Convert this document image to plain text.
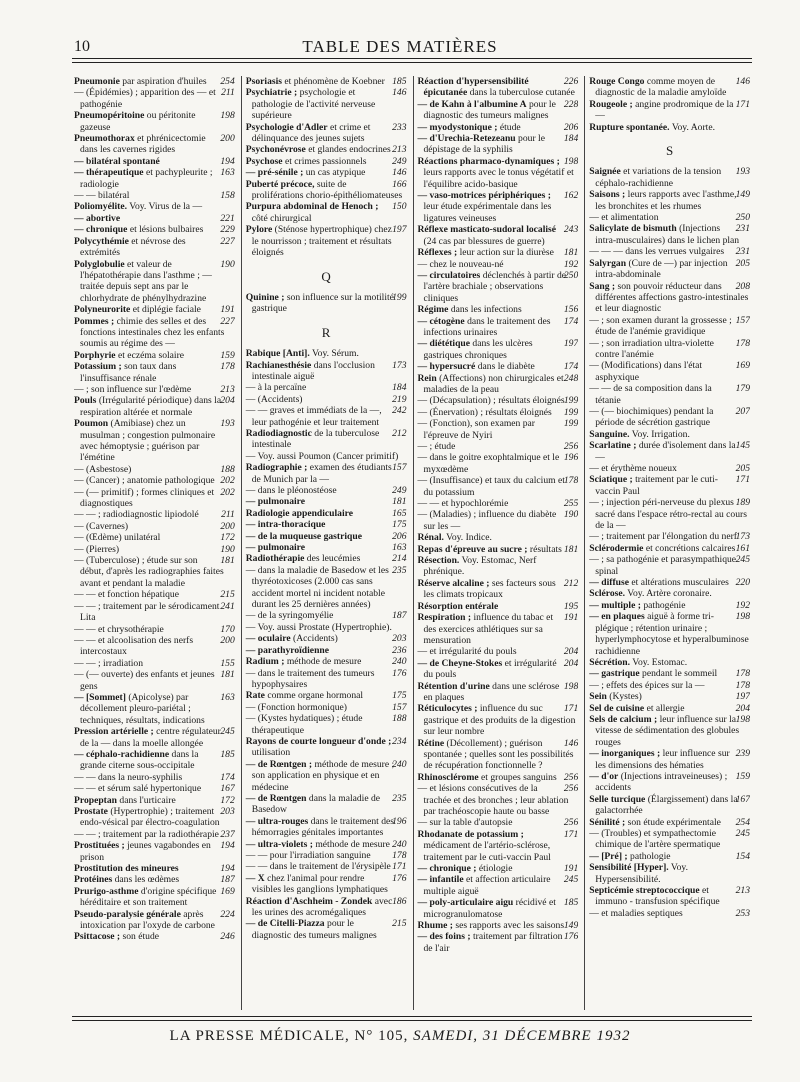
10	TABLE DES MATIÈRES

254
Pneumonie par aspiration d'huiles

211
— (Épidémies) ; apparition des — et pathogénie

198
Pneumopéritoine ou péritonite gazeuse

200
Pneumothorax et phrénicectomie dans les cavernes rigides

194
— bilatéral spontané

163
— thérapeutique et pachypleurite ; radiologie

158
— — bilatéral

Poliomyélite. Voy. Virus de la —

221
— abortive

229
— chronique et lésions bulbaires

227
Polycythémie et névrose des extrémités

190
Polyglobulie et valeur de l'hépatothérapie dans l'asthme ; — traitée depuis sept ans par le chlorhydrate de phénylhydrazine

191
Polyneurorite et diplégie faciale

227
Pommes ; chimie des selles et des fonctions intestinales chez les enfants soumis au régime des —

159
Porphyrie et eczéma solaire

178
Potassium ; son taux dans l'insuffisance rénale

213
— ; son influence sur l'œdème

204
Pouls (Irrégularité périodique) dans la respiration altérée et normale

193
Poumon (Amibiase) chez un musulman ; congestion pulmonaire avec hémoptysie ; guérison par l'émétine

188
— (Asbestose)

202
— (Cancer) ; anatomie pathologique

202
— (— primitif) ; formes cliniques et diagnostiques

211
— — ; radiodiagnostic lipiodolé

200
— (Cavernes)

172
— (Œdème) unilatéral

190
— (Pierres)

181
— (Tuberculose) ; étude sur son début, d'après les radiographies faites avant et pendant la maladie

215
— — et fonction hépatique

241
— — ; traitement par le sérodicament Lita

170
— — et chrysothérapie

200
— — et alcoolisation des nerfs intercostaux

155
— — ; irradiation

181
— (— ouverte) des enfants et jeunes gens

163
— [Sommet] (Apicolyse) par décollement pleuro-pariétal ; techniques, résultats, indications

245
Pression artérielle ; centre régulateur de la — dans la moelle allongée

185
— céphalo-rachidienne dans la grande citerne sous-occipitale

174
— — dans la neuro-syphilis

167
— — et sérum salé hypertonique

172
Propeptan dans l'urticaire

203
Prostate (Hypertrophie) ; traitement endo-vésical par électro-coagulation

237
— — ; traitement par la radiothérapie

194
Prostituées ; jeunes vagabondes en prison

194
Prostitution des mineures

187
Protéines dans les œdèmes

169
Prurigo-asthme d'origine spécifique héréditaire et son traitement

224
Pseudo-paralysie générale après intoxication par l'oxyde de carbone

246
Psittacose ; son étude

185
Psoriasis et phénomène de Koebner

146
Psychiatrie ; psychologie et pathologie de l'activité nerveuse supérieure

233
Psychologie d'Adler et crime et délinquance des jeunes sujets

213
Psychonévrose et glandes endocrines

249
Psychose et crimes passionnels

146
— pré-sénile ; un cas atypique

166
Puberté précoce, suite de proliférations chorio-épithéliomateuses

150
Purpura abdominal de Henoch ; côté chirurgical

197
Pylore (Sténose hypertrophique) chez le nourrisson ; traitement et résultats éloignés

Q

199
Quinine ; son influence sur la motilité gastrique

R

Rabique [Anti]. Voy. Sérum.

173
Rachianesthésie dans l'occlusion intestinale aiguë

184
— à la percaïne

219
— (Accidents)

242
— — graves et immédiats de la —, leur pathogénie et leur traitement

212
Radiodiagnostic de la tuberculose intestinale

— Voy. aussi Poumon (Cancer primitif)

157
Radiographie ; examen des étudiants de Munich par la —

249
— dans le pléonostéose

181
— pulmonaire

165
Radiologie appendiculaire

175
— intra-thoracique

206
— de la muqueuse gastrique

163
— pulmonaire

214
Radiothérapie des leucémies

235
— dans la maladie de Basedow et les thyréotoxicoses (2.000 cas sans accident mortel ni incident notable durant les 25 dernières années)

187
— de la syringomyélie

— Voy. aussi Prostate (Hypertrophie).

203
— oculaire (Accidents)

236
— parathyroïdienne

240
Radium ; méthode de mesure

176
— dans le traitement des tumeurs hypophysaires

175
Rate comme organe hormonal

157
— (Fonction hormonique)

188
— (Kystes hydatiques) ; étude thérapeutique

234
Rayons de courte longueur d'onde ; utilisation

240
— de Rœntgen ; méthode de mesure ; son application en physique et en médecine

235
— de Rœntgen dans la maladie de Basedow

196
— ultra-rouges dans le traitement des hémorragies génitales importantes

240
— ultra-violets ; méthode de mesure

178
— — pour l'irradiation sanguine

171
— — dans le traitement de l'érysipèle

176
— X chez l'animal pour rendre visibles les ganglions lymphatiques

186
Réaction d'Aschheim - Zondek avec les urines des acromégaliques

215
— de Citelli-Piazza pour le diagnostic des tumeurs malignes

226
Réaction d'hypersensibilité épicutanée dans la tuberculose cutanée

228
— de Kahn à l'albumine A pour le diagnostic des tumeurs malignes

206
— myodystonique ; étude

184
— d'Urechia-Retezeanu pour le dépistage de la syphilis

198
Réactions pharmaco-dynamiques ; leurs rapports avec le tonus végétatif et l'équilibre acido-basique

162
— vaso-motrices périphériques ; leur étude expérimentale dans les ligatures veineuses

243
Réflexe masticato-sudoral localisé (24 cas par blessures de guerre)

181
Réflexes ; leur action sur la diurèse

192
— chez le nouveau-né

250
— circulatoires déclenchés à partir de l'artère brachiale ; observations cliniques

156
Régime dans les infections

174
— cétogène dans le traitement des infections urinaires

197
— diététique dans les ulcères gastriques chroniques

174
— hypersucré dans le diabète

248
Rein (Affections) non chirurgicales et maladies de la peau

199
— (Décapsulation) ; résultats éloignés

199
— (Énervation) ; résultats éloignés

199
— (Fonction), son examen par l'épreuve de Nyiri

256
— ; étude

196
— dans le goitre exophtalmique et le myxœdème

178
— (Insuffisance) et taux du calcium et du potassium

255
— — et hypochlorémie

190
— (Maladies) ; influence du diabète sur les —

Rénal. Voy. Indice.

181
Repas d'épreuve au sucre ; résultats

Résection. Voy. Estomac, Nerf phrénique.

212
Réserve alcaline ; ses facteurs sous les climats tropicaux

195
Résorption entérale

191
Respiration ; influence du tabac et des exercices athlétiques sur sa mensuration

204
— et irrégularité du pouls

204
— de Cheyne-Stokes et irrégularité du pouls

198
Rétention d'urine dans une sclérose en plaques

171
Réticulocytes ; influence du suc gastrique et des produits de la digestion sur leur nombre

146
Rétine (Décollement) ; guérison spontanée ; quelles sont les possibilités de récupération fonctionnelle ?

256
Rhinosclérome et groupes sanguins

256
— et lésions consécutives de la trachée et des bronches ; leur ablation par trachéoscopie haute ou basse

256
— sur la table d'autopsie

171
Rhodanate de potassium ; médicament de l'artério-sclérose, traitement par le cuti-vaccin Paul

191
— chronique ; étiologie

245
— infantile et affection articulaire multiple aiguë

185
— poly-articulaire aigu récidivé et microgranulomatose

149
Rhume ; ses rapports avec les saisons

176
— des foins ; traitement par filtration de l'air

146
Rouge Congo comme moyen de diagnostic de la maladie amyloïde

171
Rougeole ; angine prodromique de la —

Rupture spontanée. Voy. Aorte.

S

193
Saignée et variations de la tension céphalo-rachidienne

149
Saisons ; leurs rapports avec l'asthme, les bronchites et les rhumes

250
— et alimentation

231
Salicylate de bismuth (Injections intra-musculaires) dans le lichen plan

231
— — — dans les verrues vulgaires

205
Salyrgan (Cure de —) par injection intra-abdominale

208
Sang ; son pouvoir réducteur dans différentes affections gastro-intestinales et leur diagnostic

157
— ; son examen durant la grossesse ; étude de l'anémie gravidique

178
— ; son irradiation ultra-violette contre l'anémie

169
— (Modifications) dans l'état asphyxique

179
— — de sa composition dans la tétanie

207
— (— biochimiques) pendant la période de sécrétion gastrique

Sanguine. Voy. Irrigation.

145
Scarlatine ; durée d'isolement dans la —

205
— et érythème noueux

171
Sciatique ; traitement par le cuti-vaccin Paul

189
— ; injection péri-nerveuse du plexus sacré dans l'espace rétro-rectal au cours de la —

173
— ; traitement par l'élongation du nerf

161
Sclérodermie et concrétions calcaires

245
— ; sa pathogénie et parasympathique spinal

220
— diffuse et altérations musculaires

Sclérose. Voy. Artère coronaire.

192
— multiple ; pathogénie

198
— en plaques aiguë à forme tri-plégique ; rétention urinaire ; hyperlymphocytose et hyperalbuminose rachidienne

Sécrétion. Voy. Estomac.

178
— gastrique pendant le sommeil

178
— ; effets des épices sur la —

197
Sein (Kystes)

204
Sel de cuisine et allergie

198
Sels de calcium ; leur influence sur la vitesse de sédimentation des globules rouges

239
— inorganiques ; leur influence sur les dimensions des hématies

159
— d'or (Injections intraveineuses) ; accidents

167
Selle turcique (Élargissement) dans la galactorrhée

254
Sénilité ; son étude expérimentale

245
— (Troubles) et sympathectomie chimique de l'artère spermatique

154
— [Pré] ; pathologie

Sensibilité [Hyper]. Voy. Hypersensibilité.

213
Septicémie streptococcique et immuno - transfusion spécifique

253
— et maladies septiques

LA PRESSE MÉDICALE, N° 105, SAMEDI, 31 DÉCEMBRE 1932
